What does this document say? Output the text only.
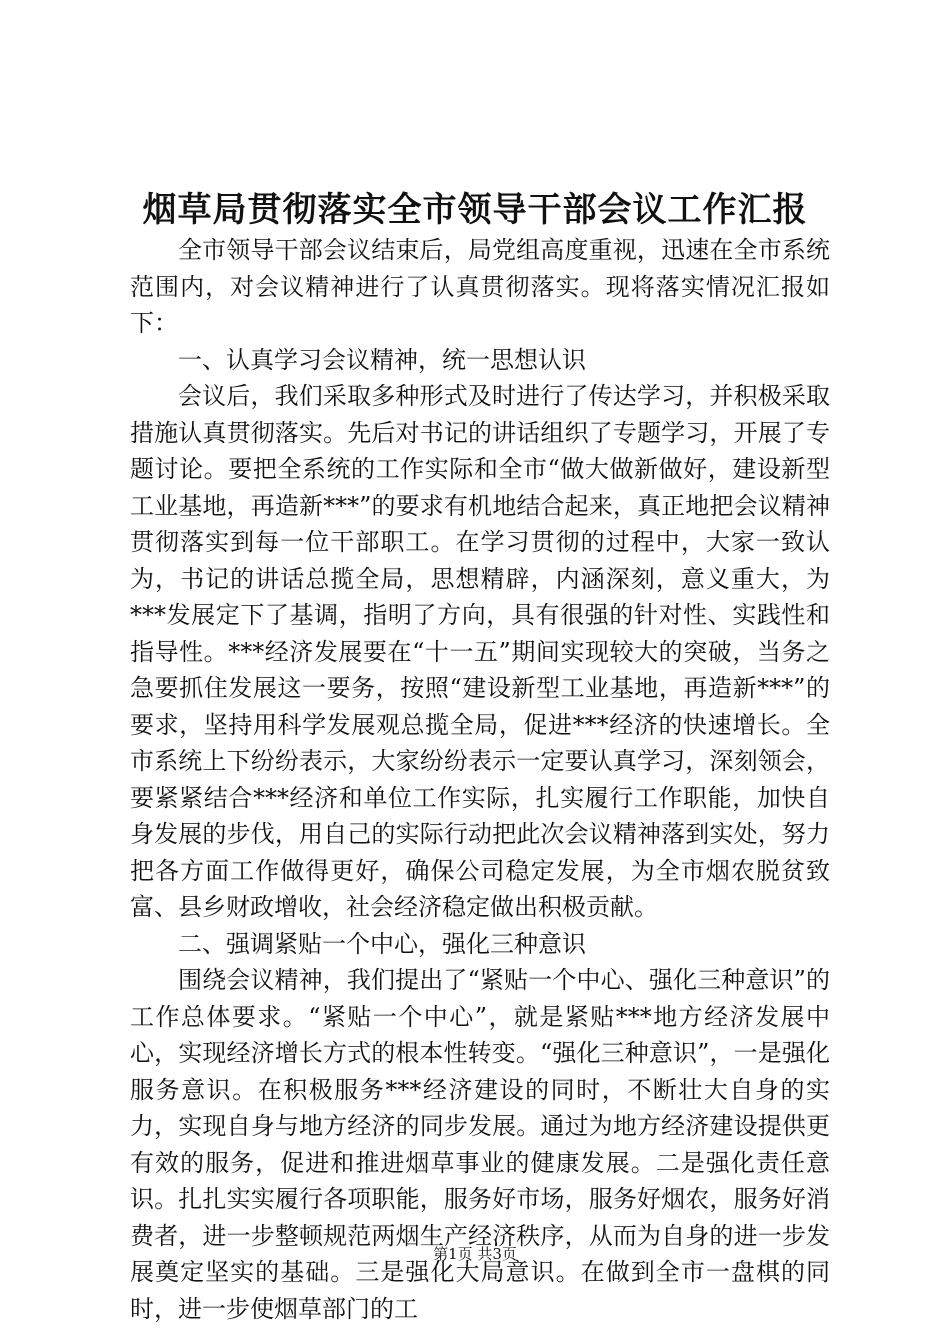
烟草局贯彻落实全市领导干部会议工作汇报

全市领导干部会议结束后，局党组高度重视，迅速在全市系统范围内，对会议精神进行了认真贯彻落实。现将落实情况汇报如下：

一、认真学习会议精神，统一思想认识

会议后，我们采取多种形式及时进行了传达学习，并积极采取措施认真贯彻落实。先后对书记的讲话组织了专题学习，开展了专题讨论。要把全系统的工作实际和全市“做大做新做好，建设新型工业基地，再造新***”的要求有机地结合起来，真正地把会议精神贯彻落实到每一位干部职工。在学习贯彻的过程中，大家一致认为，书记的讲话总揽全局，思想精辟，内涵深刻，意义重大，为***发展定下了基调，指明了方向，具有很强的针对性、实践性和指导性。***经济发展要在“十一五”期间实现较大的突破，当务之急要抓住发展这一要务，按照“建设新型工业基地，再造新***”的要求，坚持用科学发展观总揽全局，促进***经济的快速增长。全市系统上下纷纷表示，大家纷纷表示一定要认真学习，深刻领会，要紧紧结合***经济和单位工作实际，扎实履行工作职能，加快自身发展的步伐，用自己的实际行动把此次会议精神落到实处，努力把各方面工作做得更好，确保公司稳定发展，为全市烟农脱贫致富、县乡财政增收，社会经济稳定做出积极贡献。

二、强调紧贴一个中心，强化三种意识

围绕会议精神，我们提出了“紧贴一个中心、强化三种意识”的工作总体要求。“紧贴一个中心”，就是紧贴***地方经济发展中心，实现经济增长方式的根本性转变。“强化三种意识”，一是强化服务意识。在积极服务***经济建设的同时，不断壮大自身的实力，实现自身与地方经济的同步发展。通过为地方经济建设提供更有效的服务，促进和推进烟草事业的健康发展。二是强化责任意识。扎扎实实履行各项职能，服务好市场，服务好烟农，服务好消费者，进一步整顿规范两烟生产经济秩序，从而为自身的进一步发展奠定坚实的基础。三是强化大局意识。在做到全市一盘棋的同时，进一步使烟草部门的工

第1页 共3页
